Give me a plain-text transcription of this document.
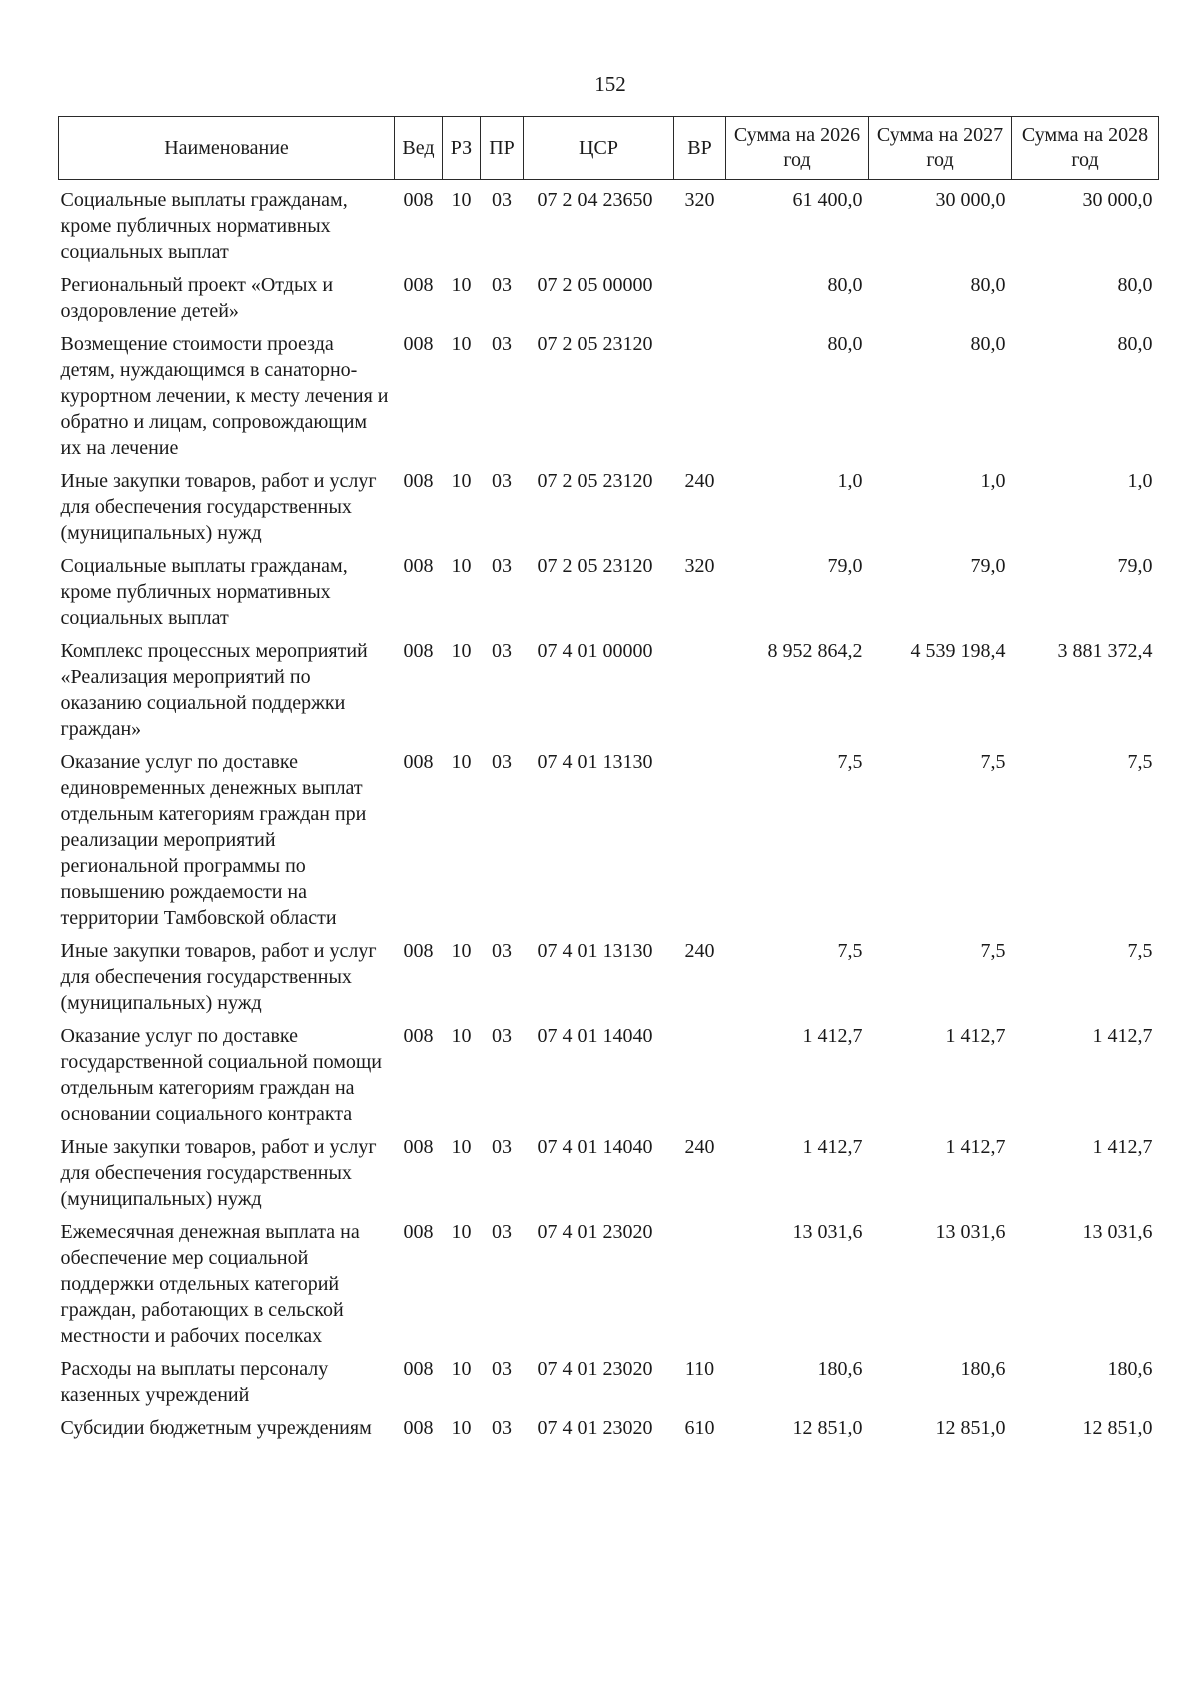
152
Наименование	Вед	РЗ	ПР	ЦСР	ВР	Сумма на 2026 год	Сумма на 2027 год	Сумма на 2028 год
Социальные выплаты гражданам, кроме публичных нормативных социальных выплат	008	10	03	07 2 04 23650	320	61 400,0	30 000,0	30 000,0
Региональный проект «Отдых и оздоровление детей»	008	10	03	07 2 05 00000		80,0	80,0	80,0
Возмещение стоимости проезда детям, нуждающимся в санаторно-курортном лечении, к месту лечения и обратно и лицам, сопровождающим их на лечение	008	10	03	07 2 05 23120		80,0	80,0	80,0
Иные закупки товаров, работ и услуг для обеспечения государственных (муниципальных) нужд	008	10	03	07 2 05 23120	240	1,0	1,0	1,0
Социальные выплаты гражданам, кроме публичных нормативных социальных выплат	008	10	03	07 2 05 23120	320	79,0	79,0	79,0
Комплекс процессных мероприятий «Реализация мероприятий по оказанию социальной поддержки граждан»	008	10	03	07 4 01 00000		8 952 864,2	4 539 198,4	3 881 372,4
Оказание услуг по доставке единовременных денежных выплат отдельным категориям граждан при реализации мероприятий региональной программы по повышению рождаемости на территории Тамбовской области	008	10	03	07 4 01 13130		7,5	7,5	7,5
Иные закупки товаров, работ и услуг для обеспечения государственных (муниципальных) нужд	008	10	03	07 4 01 13130	240	7,5	7,5	7,5
Оказание услуг по доставке государственной социальной помощи отдельным категориям граждан на основании социального контракта	008	10	03	07 4 01 14040		1 412,7	1 412,7	1 412,7
Иные закупки товаров, работ и услуг для обеспечения государственных (муниципальных) нужд	008	10	03	07 4 01 14040	240	1 412,7	1 412,7	1 412,7
Ежемесячная денежная выплата на обеспечение мер социальной поддержки отдельных категорий граждан, работающих в сельской местности и рабочих поселках	008	10	03	07 4 01 23020		13 031,6	13 031,6	13 031,6
Расходы на выплаты персоналу казенных учреждений	008	10	03	07 4 01 23020	110	180,6	180,6	180,6
Субсидии бюджетным учреждениям	008	10	03	07 4 01 23020	610	12 851,0	12 851,0	12 851,0
